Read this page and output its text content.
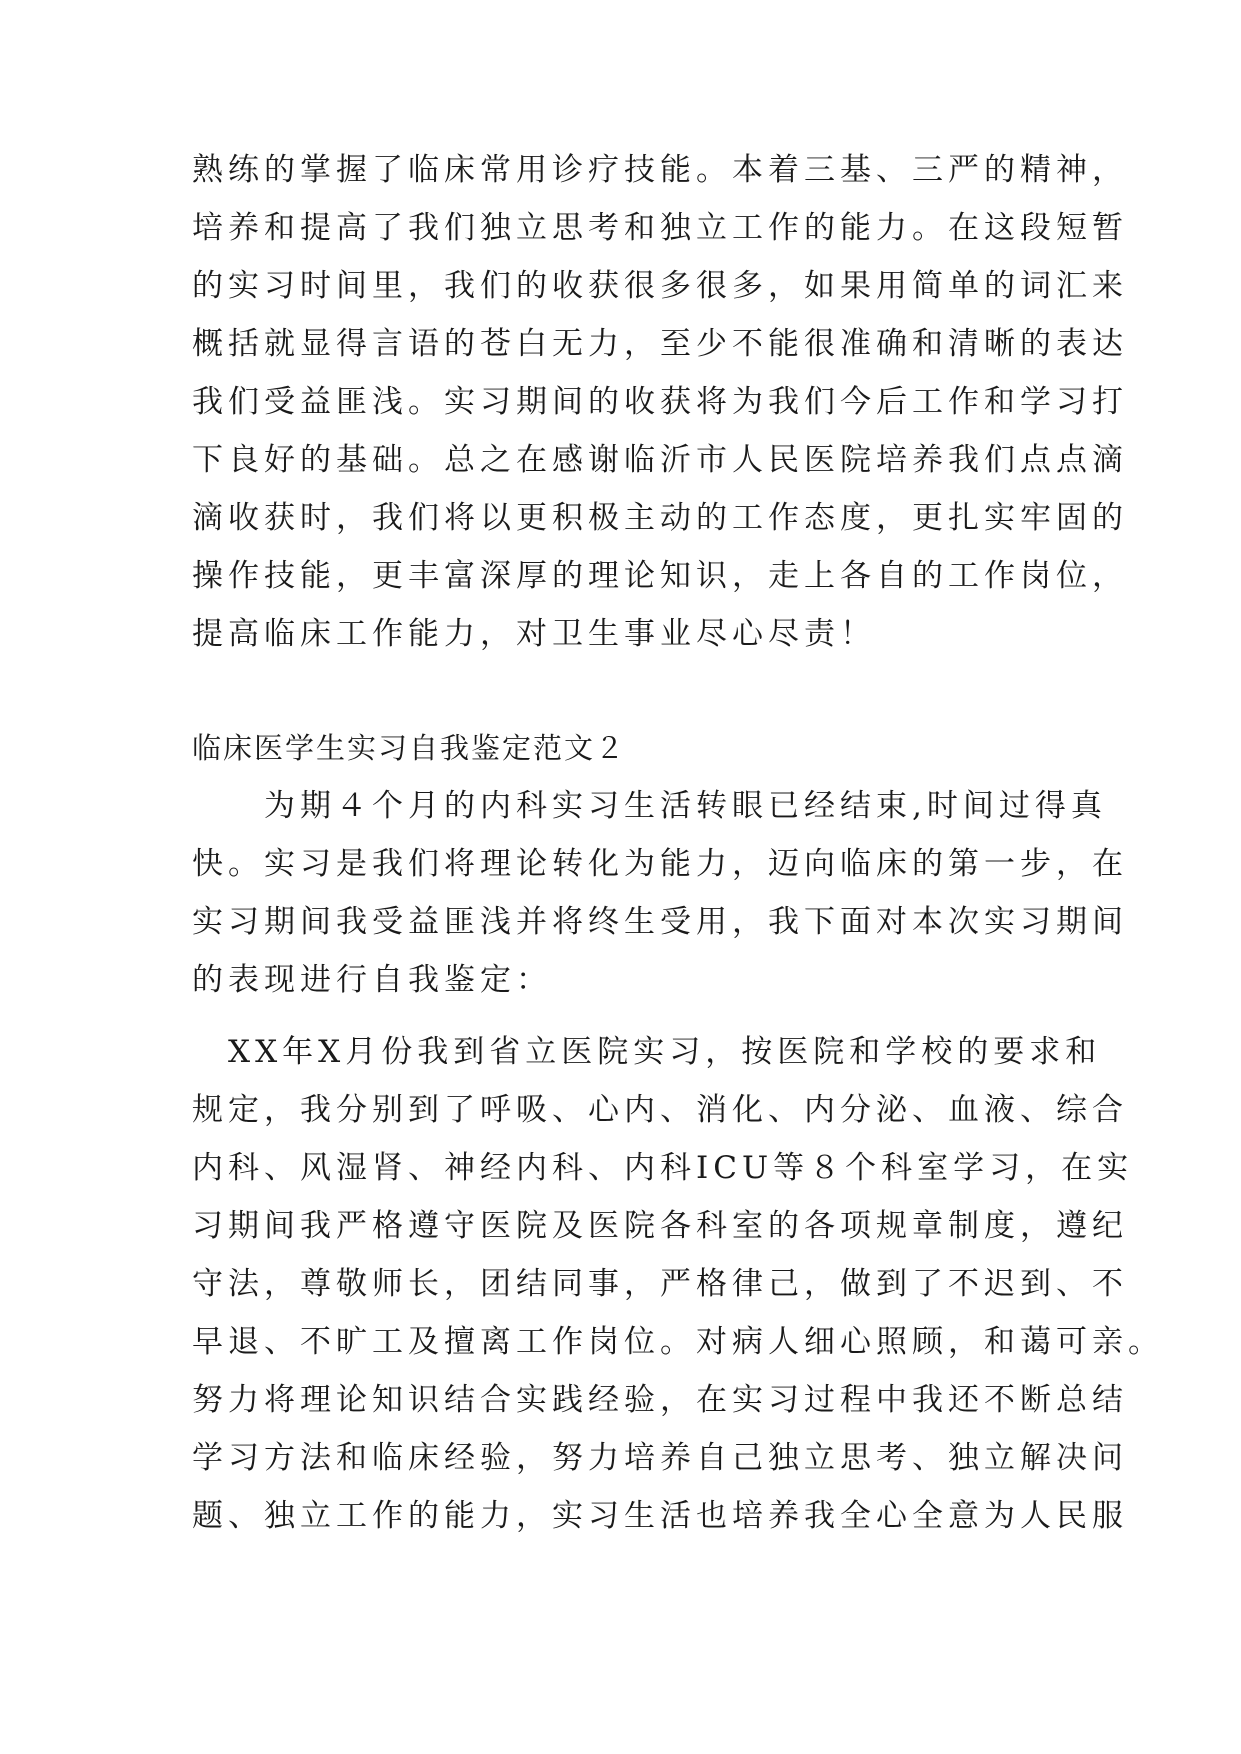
熟练的掌握了临床常用诊疗技能。本着三基、三严的精神，
培养和提高了我们独立思考和独立工作的能力。在这段短暂
的实习时间里，我们的收获很多很多，如果用简单的词汇来
概括就显得言语的苍白无力，至少不能很准确和清晰的表达
我们受益匪浅。实习期间的收获将为我们今后工作和学习打
下良好的基础。总之在感谢临沂市人民医院培养我们点点滴
滴收获时，我们将以更积极主动的工作态度，更扎实牢固的
操作技能，更丰富深厚的理论知识，走上各自的工作岗位，
提高临床工作能力，对卫生事业尽心尽责！
临床医学生实习自我鉴定范文２
　　为期４个月的内科实习生活转眼已经结束,时间过得真
快。实习是我们将理论转化为能力，迈向临床的第一步，在
实习期间我受益匪浅并将终生受用，我下面对本次实习期间
的表现进行自我鉴定：
　XX年X月份我到省立医院实习，按医院和学校的要求和
规定，我分别到了呼吸、心内、消化、内分泌、血液、综合
内科、风湿肾、神经内科、内科ICU等８个科室学习，在实
习期间我严格遵守医院及医院各科室的各项规章制度，遵纪
守法，尊敬师长，团结同事，严格律己，做到了不迟到、不
早退、不旷工及擅离工作岗位。对病人细心照顾，和蔼可亲。
努力将理论知识结合实践经验，在实习过程中我还不断总结
学习方法和临床经验，努力培养自己独立思考、独立解决问
题、独立工作的能力，实习生活也培养我全心全意为人民服
